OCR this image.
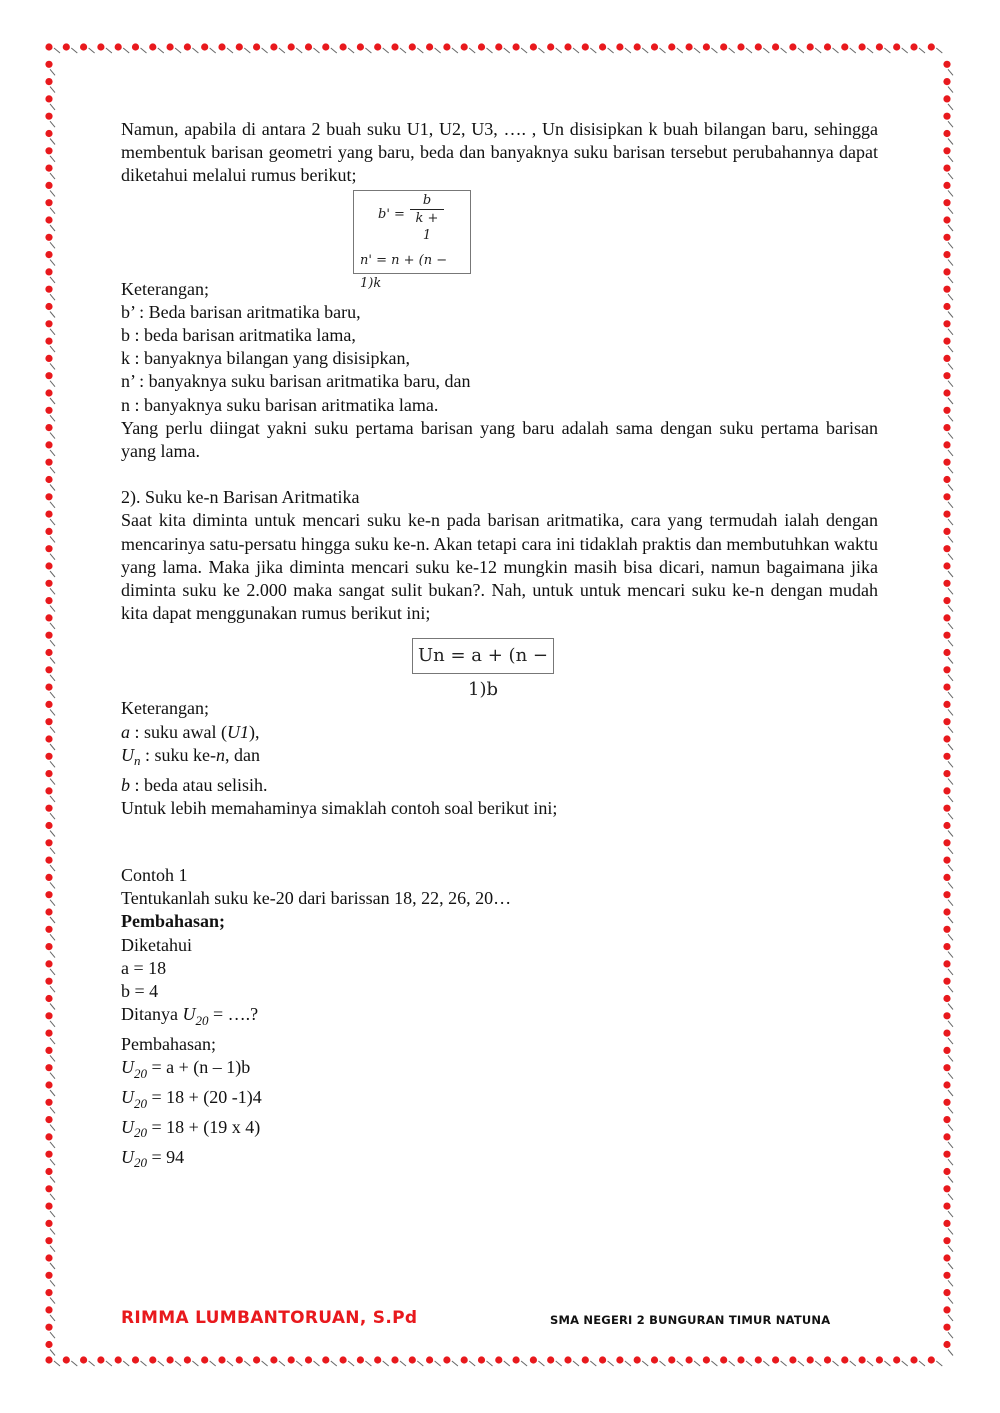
Namun, apabila di antara 2 buah suku U1, U2, U3, …. , Un disisipkan k buah bilangan baru, sehingga membentuk barisan geometri yang baru, beda dan banyaknya suku barisan tersebut perubahannya dapat diketahui melalui rumus berikut;

$b' = \frac{b}{k + 1}$
n' = n + (n − 1)k

Keterangan;

b’ : Beda barisan aritmatika baru,

b : beda barisan aritmatika lama,

k : banyaknya bilangan yang disisipkan,

n’ : banyaknya suku barisan aritmatika baru, dan

n : banyaknya suku barisan aritmatika lama.

Yang perlu diingat yakni suku pertama barisan yang baru adalah sama dengan suku pertama barisan yang lama.

2). Suku ke-n Barisan Aritmatika

Saat kita diminta untuk mencari suku ke-n pada barisan aritmatika, cara yang termudah ialah dengan mencarinya satu-persatu hingga suku ke-n. Akan tetapi cara ini tidaklah praktis dan membutuhkan waktu yang lama. Maka jika diminta mencari suku ke-12 mungkin masih bisa dicari, namun bagaimana jika diminta suku ke 2.000 maka sangat sulit bukan?. Nah, untuk untuk mencari suku ke-n dengan mudah kita dapat menggunakan rumus berikut ini;

Un = a + (n − 1)b

Keterangan;

a : suku awal (U1),

$U_n$ : suku ke-n, dan

b : beda atau selisih.

Untuk lebih memahaminya simaklah contoh soal berikut ini;

Contoh 1

Tentukanlah suku ke-20 dari barissan 18, 22, 26, 20…

Pembahasan;

Diketahui

a = 18

b = 4

Ditanya $U_{20}$ = ….?

Pembahasan;

$U_{20} = a + (n - 1)b$

$U_{20} = 18 + (20$ -1)4

$U_{20} = 18 + (19$ x 4)

$U_{20} = 94$

RIMMA LUMBANTORUAN, S.Pd	SMA NEGERI 2 BUNGURAN TIMUR NATUNA
